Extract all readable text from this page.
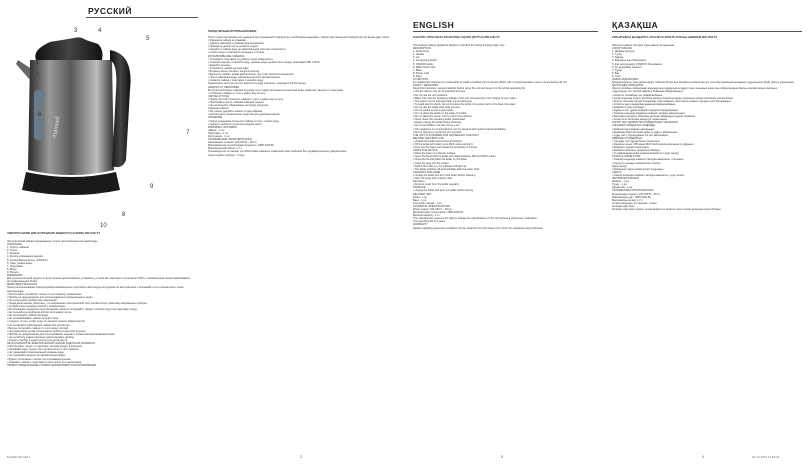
РУССКИЙ
maxwell
3	4
5
1
2
6
7
9
8
10
ЭЛЕКТРОЧАЙНИК ДЛЯ НАГРЕВАНИЯ ЖИДКОСТИ (ЧАЙНИК) MW-1092 ST
Электрический чайник предназначен только для кипячения питьевой воды.
ОПИСАНИЕ
1. Корпус чайника
2. Ручка
3. Крышка
4. Кнопка открывания крышки
5. Кнопка Выключатель (ON/OFF)
6. Окно уровня воды
7. Подставка
8. Шнур
9. Фильтр
ВНИМАНИЕ!
Для дополнительной защиты в цепи питания целесообразно установить устройство защитного отключения (УЗО) с номинальным током срабатывания, не превышающим 30 мА.
МЕРЫ БЕЗОПАСНОСТИ
Перед использованием электроприбора внимательно прочитайте настоящую инструкцию по эксплуатации и сохраняйте ее в течение всего срока эксплуатации.
• Используйте устройство только по его прямому назначению.
• Прибор не предназначен для использования в промышленных целях.
• Не используйте прибор вне помещений.
• Перед включением убедитесь, что напряжение электрической сети соответствует рабочему напряжению прибора.
• Сетевой шнур оснащен вилкой с заземлением.
• Во избежание поражения электрическим током не погружайте чайник, сетевой шнур или подставку в воду.
• Не пользуйтесь прибором вблизи источников тепла.
• Не используйте чайник без воды.
• Не устанавливайте чайник на край стола.
• Следите за тем, чтобы шнур не касался горячих поверхностей.
• Не оставляйте работающий чайник без присмотра.
• Всегда отключайте чайник от сети перед чисткой.
• Не разрешайте детям использовать прибор в качестве игрушки.
• Прибор не предназначен для использования людьми с ограниченными возможностями.
• Не пытайтесь самостоятельно ремонтировать прибор.
• Храните прибор в недоступном для детей месте.
НЕ ИСПОЛЬЗУЙТЕ ЭЛЕКТРИЧЕСКИЙ ЧАЙНИК В ДЕТСКИХ КОМНАТАХ.
• Используйте только ту подставку, которая входит в комплект.
• Наливайте воду только при отключенном от сети чайнике.
• Не превышайте максимальный уровень воды.
• Не открывайте крышку во время кипения воды.
• Будьте осторожны с паром при открывании крышки.
• Снимайте чайник с подставки только после его выключения.
ПРИБОР ПРЕДНАЗНАЧЕН ТОЛЬКО ДЛЯ БЫТОВОГО ИСПОЛЬЗОВАНИЯ
M-1092 ST.indd 1
ПЕРЕД ПЕРВЫМ ИСПОЛЬЗОВАНИЕМ
После транспортировки или хранения при пониженной температуре необходимо выдержать чайник при комнатной температуре не менее двух часов.
• Извлеките чайник из упаковки.
• Удалите наклейки и упаковочные материалы.
• Проверьте целостность сетевого шнура.
• Налейте в чайник воду до максимальной отметки и вскипятите.
• Слейте воду и повторите процедуру 2-3 раза.
ИСПОЛЬЗОВАНИЕ ЧАЙНИКА
• Установите подставку на ровную сухую поверхность.
• Откройте крышку и налейте воду, уровень воды должен быть между отметками MIN и MAX.
• Закройте крышку.
• Установите чайник на подставку.
• Вставьте вилку сетевого шнура в розетку.
• Включите чайник, нажав выключатель, при этом загорится индикатор.
• После закипания воды чайник выключится автоматически.
• Снимите чайник с подставки и налейте воду.
Примечание: Если вы хотите вскипятить воду повторно, подождите 15-20 секунд.
ЗАЩИТА ОТ ПЕРЕГРЕВА
В случае включения чайника без воды или с недостаточным количеством воды сработает защита от перегрева.
• Отключите чайник от сети и дайте ему остыть.
ЧИСТКА И УХОД
• Перед чисткой отключите чайник от сети и дайте ему остыть.
• Протирайте корпус чайника влажной тканью.
• Не используйте абразивные чистящие средства.
Удаление накипи
• Регулярно удаляйте накипь со дна чайника.
• Используйте специальные средства для удаления накипи.
ХРАНЕНИЕ
• Перед хранением отключите чайник от сети, слейте воду.
• Храните чайник в сухом прохладном месте.
КОМПЛЕКТ ПОСТАВКИ
Чайник - 1 шт.
Подставка - 1 шт.
Инструкция - 1 шт.
ТЕХНИЧЕСКИЕ ХАРАКТЕРИСТИКИ
Напряжение питания: 220-240 В ~ 50 Гц
Максимальная потребляемая мощность: 1850-2200 Вт
Максимальный объем: 1,7 л
Производитель оставляет за собой право изменять характеристики приборов без предварительного уведомления.
Срок службы прибора - 3 года
2
ENGLISH
ELECTRIC APPLIANCE FOR HEATING LIQUIDS (KETTLE) MW-1092 ST
The heating cooking appliance (kettle) is intended for boiling drinking water only.
DESCRIPTION
1. Kettle body
2. Handle
3. Lid
4. Lid opening button
5. ON/OFF button
6. Water level mark
7. Base
8. Power cord
9. Filter
ATTENTION!
For additional protection it is reasonable to install a residual current device (RCD) with nominal operation current not exceeding 30 mA.
SAFETY MEASURES
Read this instruction manual carefully before using the unit and keep it for the whole operating life.
• Use the device only for its intended purpose.
• Do not use the unit outdoors.
• Make sure that the operating voltage of the unit corresponds to the voltage of your mains.
• The power cord is equipped with a grounded plug.
• To avoid electric shock, do not immerse the kettle, the power cord or the base into water.
• Do not use the kettle near heat sources.
• Do not switch on the empty kettle.
• Do not place the kettle on the edge of a table.
• Do not allow the power cord to touch hot surfaces.
• Never leave the operating kettle unattended.
• Always unplug the kettle before cleaning.
• Do not let children use the unit as a toy.
• This appliance is not intended for use by persons with reduced physical abilities.
• Do not attempt to repair the unit yourself.
THE UNIT IS INTENDED FOR HOUSEHOLD USE ONLY
BEFORE THE FIRST USE
• Unpack the kettle and remove all stickers.
• Fill the kettle with water up to MAX mark and boil it.
• Pour out the water and repeat the procedure 2-3 times.
USING THE KETTLE
• Place the base on a flat dry surface.
• Open the lid and fill the kettle with water between MIN and MAX marks.
• Close the lid and place the kettle on the base.
• Insert the plug into the socket.
• Switch the kettle on, the indicator will light up.
• The kettle switches off automatically after the water boils.
CLEANING AND CARE
• Unplug the kettle and let it cool down before cleaning.
• Wipe the body with a damp cloth.
Descaling
• Remove scale from the kettle regularly.
STORAGE
• Unplug the kettle and pour out water before storing.
DELIVERY SET
Kettle - 1 pc.
Base - 1 pc.
Instruction manual - 1 pc.
TECHNICAL SPECIFICATIONS
Power supply: 220-240 V ~ 50 Hz
Maximal power consumption: 1850-2200 W
Maximal capacity: 1.7 L
The manufacturer reserves the right to change the specifications of the unit without a preliminary notification.
Unit operating life is 3 years
WARRANTY
Details regarding guarantee conditions can be obtained from the dealer from whom the appliance was purchased.
3
ҚАЗАҚША
СҰЙЫҚТЫҚТЫ ҚЫЗДЫРУҒА АРНАЛҒАН ЭЛЕКТР АСПАБЫ (ШӘЙНЕК) MW-1092 ST
Электрлі шәйнек тек ауыз суды қайнатуға арналған.
СИПАТТАМАСЫ
1. Шәйнек корпусы
2. Тұтқа
3. Қақпақ
4. Қақпақты ашу батырмасы
5. Іске қосу/сөндіру (ON/OFF) батырмасы
6. Су деңгейінің терезесі
7. Тұғыр
8. Бау
9. Сүзгі
НАЗАР АУДАРЫҢЫЗ!
Қосымша қорғау үшін қоректендіру тізбегіне 30 мА-ден аспайтын номиналды ағу тогы бар қорғаныстық ажырату құрылғысын (ҚАҚ) орнату ұсынылады.
ҚАУІПСІЗДІК ШАРАЛАРЫ
Электр аспабын пайдаланар алдында осы нұсқаулықты мұқият оқып шығыңыз және оны пайдаланудың барлық мерзімі ішінде сақтаңыз.
• Құрылғыны тек тікелей мақсаты бойынша пайдаланыңыз.
• Аспапты үй-жайдан тыс пайдаланбаңыз.
• Қосар алдында электр желісінің кернеуі аспаптың жұмыс кернеуіне сәйкес келетініне көз жеткізіңіз.
• Электр тогының соғуын болдырмау үшін шәйнекті, желі бауын немесе тұғырды суға батырмаңыз.
• Аспапты жылу көздерінің жанында пайдаланбаңыз.
• Шәйнекті сусыз қоспаңыз.
• Жұмыс істеп тұрған шәйнекті қараусыз қалдырмаңыз.
• Тазалар алдында әрдайым шәйнекті желіден ажыратыңыз.
• Балаларға аспапты ойыншық ретінде пайдалануға рұқсат бермеңіз.
• Аспапты өз бетіңізше жөндеуге тырыспаңыз.
АСПАП ТЕК ТҰРМЫСТЫҚ ПАЙДАЛАНУҒА АРНАЛҒАН
АЛҒАШҚЫ ПАЙДАЛАНУ АЛДЫНДА
• Шәйнекті қаптамадан шығарыңыз.
• Шәйнекке MAX белгісіне дейін су құйып, қайнатыңыз.
• Суды төгіп, процедураны 2-3 рет қайталаңыз.
ШӘЙНЕКТІ ПАЙДАЛАНУ
• Тұғырды тегіс құрғақ бетке орнатыңыз.
• Қақпақты ашып, MIN және MAX белгілерінің арасында су құйыңыз.
• Шәйнекті тұғырға орнатыңыз.
• Шәйнекті қосыңыз, индикатор жанады.
• Су қайнағаннан кейін шәйнек автоматты түрде сөнеді.
ТАЗАЛАУ ЖӘНЕ КҮТІМ
• Тазалар алдында шәйнекті желіден ажыратып, суытыңыз.
• Корпусты дымқыл шүберекпен сүртіңіз.
Қақты кетіру
• Шәйнектегі қақты үнемі кетіріп отырыңыз.
САҚТАУ
• Сақтар алдында шәйнекті желіден ажыратып, суды төгіңіз.
ЖЕТКІЗІЛІМ ЖИНАҒЫ
Шәйнек - 1 дн.
Тұғыр - 1 дн.
Нұсқаулық - 1 дн.
ТЕХНИКАЛЫҚ СИПАТТАМАЛАРЫ
Қоректендіру кернеуі: 220-240 В ~ 50 Гц
Максималды қуат: 1850-2200 Вт
Максималды көлем: 1,7 л
Аспаптың қызмет ету мерзімі - 3 жыл
Кепілдік шарттары
Кепілдік шарттары туралы толық ақпаратты аспапты сатып алған дилерден алуға болады.
4	20.12.2013 14:15:21
